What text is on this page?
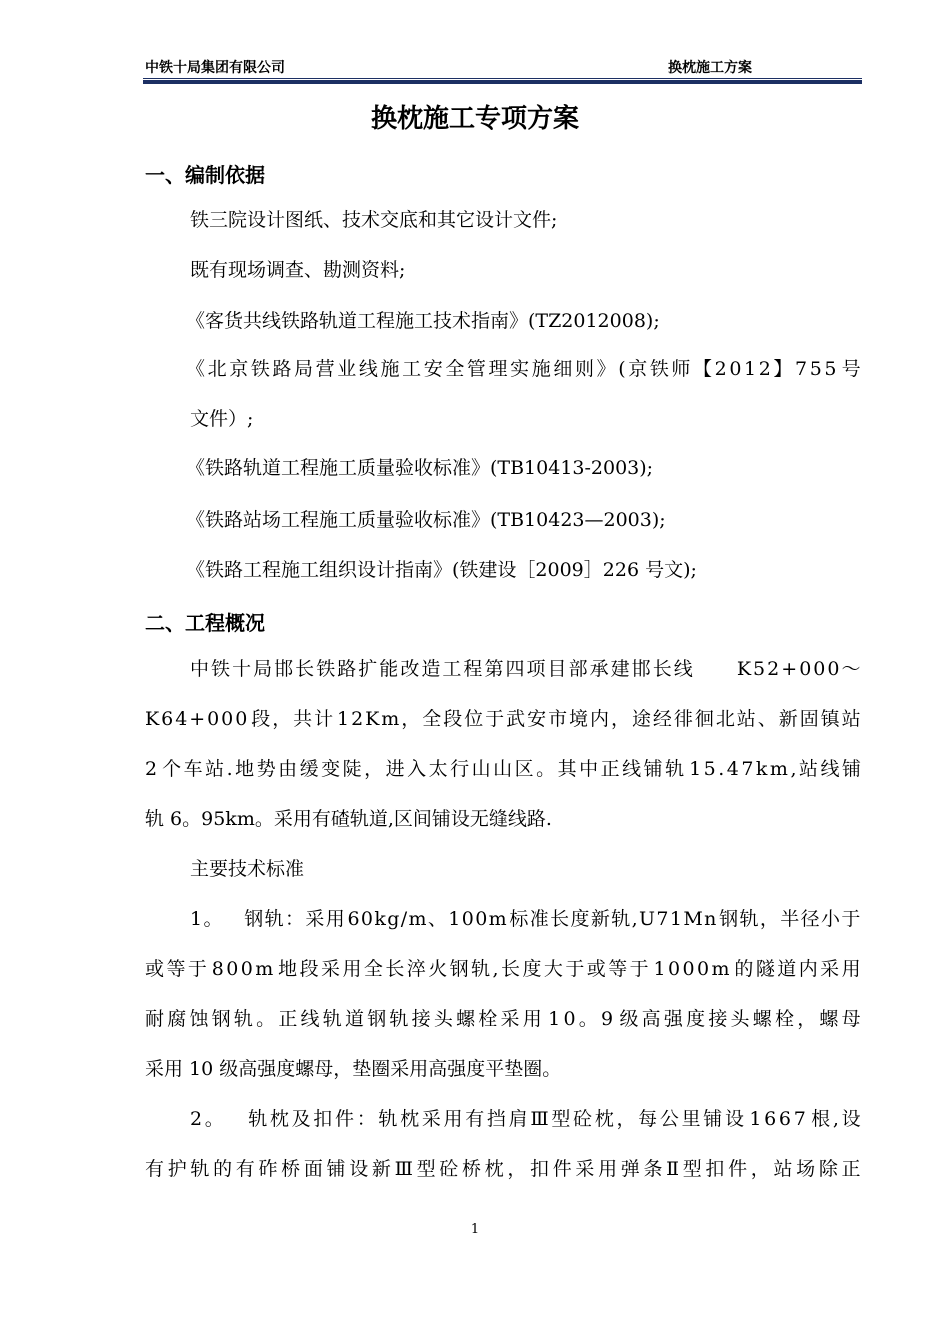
中铁十局集团有限公司	换枕施工方案
换枕施工专项方案
一、编制依据
铁三院设计图纸、技术交底和其它设计文件;
既有现场调查、勘测资料;
《客货共线铁路轨道工程施工技术指南》(TZ2012008);
《 北 京 铁 路 局 营 业 线 施 工 安 全 管 理 实 施 细 则 》 ( 京 铁 师 【 2 0 1 2 】 7 5 5 号
文件）;
《铁路轨道工程施工质量验收标准》(TB10413-2003);
《铁路站场工程施工质量验收标准》(TB10423—2003);
《铁路工程施工组织设计指南》(铁建设［2009］226 号文);
二、工程概况
中 铁 十 局 邯 长 铁 路 扩 能 改 造 工 程 第 四 项 目 部 承 建 邯 长 线

　 K 5 2 + 0 0 0 ～
K 6 4 + 0 0 0 段 ， 共 计 1 2 K m ， 全 段 位 于 武 安 市 境 内 ， 途 经 徘 徊 北 站 、 新 固 镇 站
2 个 车 站 . 地 势 由 缓 变 陡 ， 进 入 太 行 山 山 区 。 其 中 正 线 铺 轨 1 5 . 4 7 k m , 站 线 铺
轨 6。95km。采用有碴轨道,区间铺设无缝线路.
主要技术标准
1 。
　 钢 轨 ： 采 用 6 0 k g / m 、 1 0 0 m 标 准 长 度 新 轨 , U 7 1 M n 钢 轨 ， 半 径 小 于
或 等 于 8 0 0 m 地 段 采 用 全 长 淬 火 钢 轨 , 长 度 大 于 或 等 于 1 0 0 0 m 的 隧 道 内 采 用
耐 腐 蚀 钢 轨 。 正 线 轨 道 钢 轨 接 头 螺 栓 采 用 1 0 。 9 级 高 强 度 接 头 螺 栓 ， 螺 母
采用 10 级高强度螺母，垫圈采用高强度平垫圈。
2 。
　 轨 枕 及 扣 件 ： 轨 枕 采 用 有 挡 肩 Ⅲ 型 砼 枕 ， 每 公 里 铺 设 1 6 6 7 根 , 设
有 护 轨 的 有 砟 桥 面 铺 设 新 Ⅲ 型 砼 桥 枕 ， 扣 件 采 用 弹 条 Ⅱ 型 扣 件 ， 站 场 除 正
1
